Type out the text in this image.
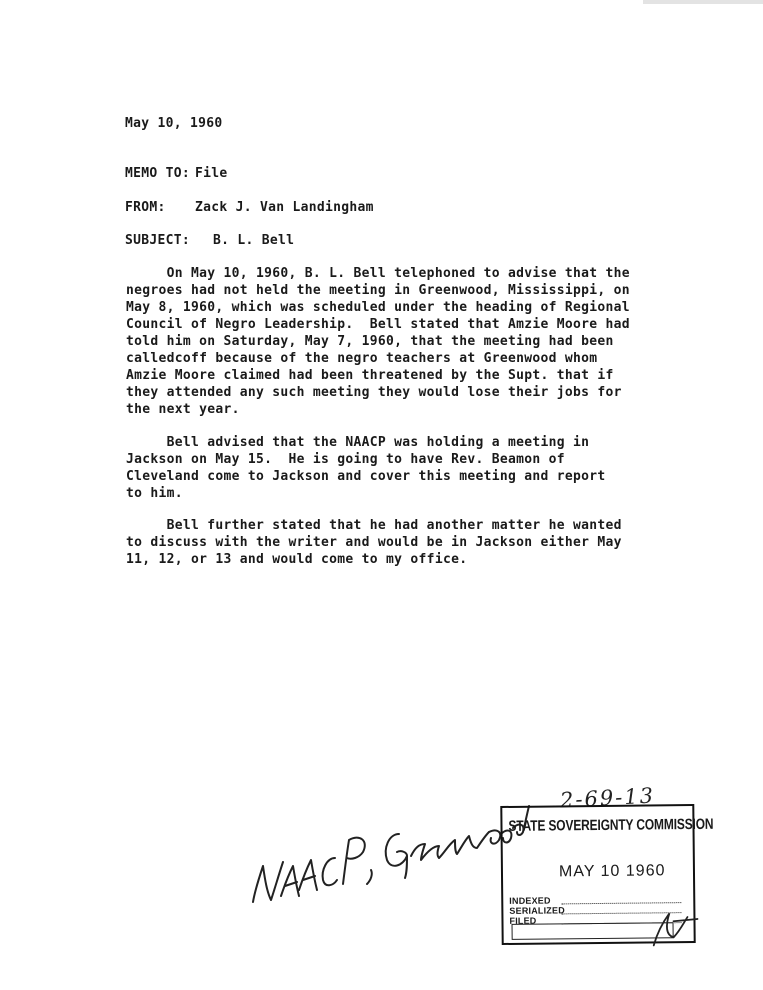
May 10, 1960
MEMO TO: File
FROM: Zack J. Van Landingham
SUBJECT: B. L. Bell
On May 10, 1960, B. L. Bell telephoned to advise that the
negroes had not held the meeting in Greenwood, Mississippi, on
May 8, 1960, which was scheduled under the heading of Regional
Council of Negro Leadership.  Bell stated that Amzie Moore had
told him on Saturday, May 7, 1960, that the meeting had been
calledcoff because of the negro teachers at Greenwood whom
Amzie Moore claimed had been threatened by the Supt. that if
they attended any such meeting they would lose their jobs for
the next year.
Bell advised that the NAACP was holding a meeting in
Jackson on May 15.  He is going to have Rev. Beamon of
Cleveland come to Jackson and cover this meeting and report
to him.
Bell further stated that he had another matter he wanted
to discuss with the writer and would be in Jackson either May
11, 12, or 13 and would come to my office.
2-69-13
STATE SOVEREIGNTY COMMISSION
MAY 10 1960
INDEXED
SERIALIZED
FILED
